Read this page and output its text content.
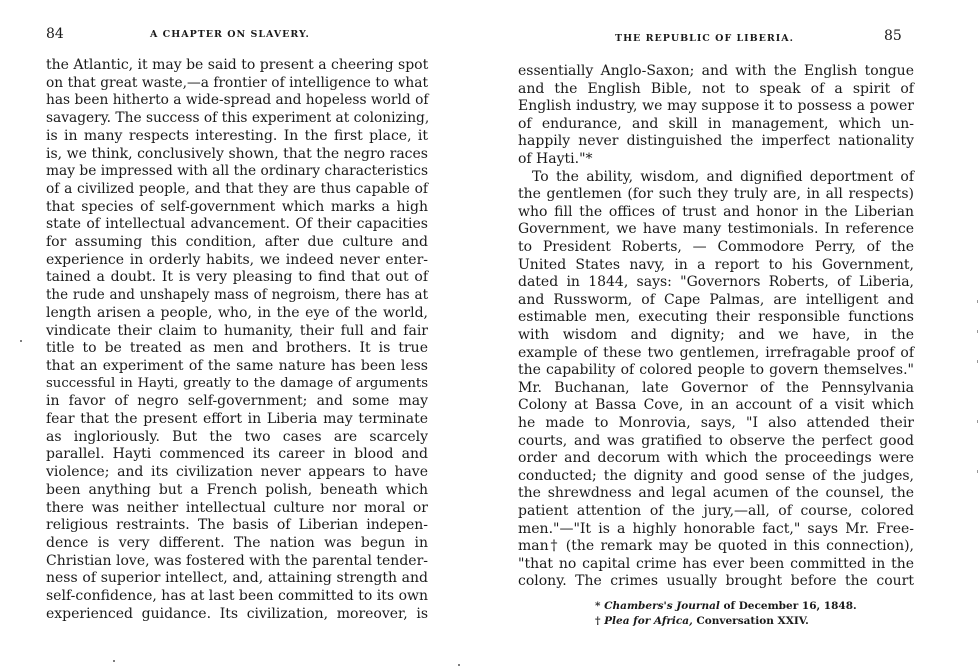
84	A CHAPTER ON SLAVERY.
the Atlantic, it may be said to present a cheering spot
on that great waste,—a frontier of intelligence to what
has been hitherto a wide-spread and hopeless world of
savagery. The success of this experiment at colonizing,
is in many respects interesting. In the first place, it
is, we think, conclusively shown, that the negro races
may be impressed with all the ordinary characteristics
of a civilized people, and that they are thus capable of
that species of self-government which marks a high
state of intellectual advancement. Of their capacities
for assuming this condition, after due culture and
experience in orderly habits, we indeed never enter-
tained a doubt. It is very pleasing to find that out of
the rude and unshapely mass of negroism, there has at
length arisen a people, who, in the eye of the world,
vindicate their claim to humanity, their full and fair
title to be treated as men and brothers. It is true
that an experiment of the same nature has been less
successful in Hayti, greatly to the damage of arguments
in favor of negro self-government; and some may
fear that the present effort in Liberia may terminate
as ingloriously. But the two cases are scarcely
parallel. Hayti commenced its career in blood and
violence; and its civilization never appears to have
been anything but a French polish, beneath which
there was neither intellectual culture nor moral or
religious restraints. The basis of Liberian indepen-
dence is very different. The nation was begun in
Christian love, was fostered with the parental tender-
ness of superior intellect, and, attaining strength and
self-confidence, has at last been committed to its own
experienced guidance. Its civilization, moreover, is
THE REPUBLIC OF LIBERIA.	85
essentially Anglo-Saxon; and with the English tongue
and the English Bible, not to speak of a spirit of
English industry, we may suppose it to possess a power
of endurance, and skill in management, which un-
happily never distinguished the imperfect nationality
of Hayti."*
To the ability, wisdom, and dignified deportment of
the gentlemen (for such they truly are, in all respects)
who fill the offices of trust and honor in the Liberian
Government, we have many testimonials. In reference
to President Roberts, — Commodore Perry, of the
United States navy, in a report to his Government,
dated in 1844, says: "Governors Roberts, of Liberia,
and Russworm, of Cape Palmas, are intelligent and
estimable men, executing their responsible functions
with wisdom and dignity; and we have, in the
example of these two gentlemen, irrefragable proof of
the capability of colored people to govern themselves."
Mr. Buchanan, late Governor of the Pennsylvania
Colony at Bassa Cove, in an account of a visit which
he made to Monrovia, says, "I also attended their
courts, and was gratified to observe the perfect good
order and decorum with which the proceedings were
conducted; the dignity and good sense of the judges,
the shrewdness and legal acumen of the counsel, the
patient attention of the jury,—all, of course, colored
men."—"It is a highly honorable fact," says Mr. Free-
man† (the remark may be quoted in this connection),
"that no capital crime has ever been committed in the
colony. The crimes usually brought before the court
* Chambers's Journal of December 16, 1848.
† Plea for Africa, Conversation XXIV.
